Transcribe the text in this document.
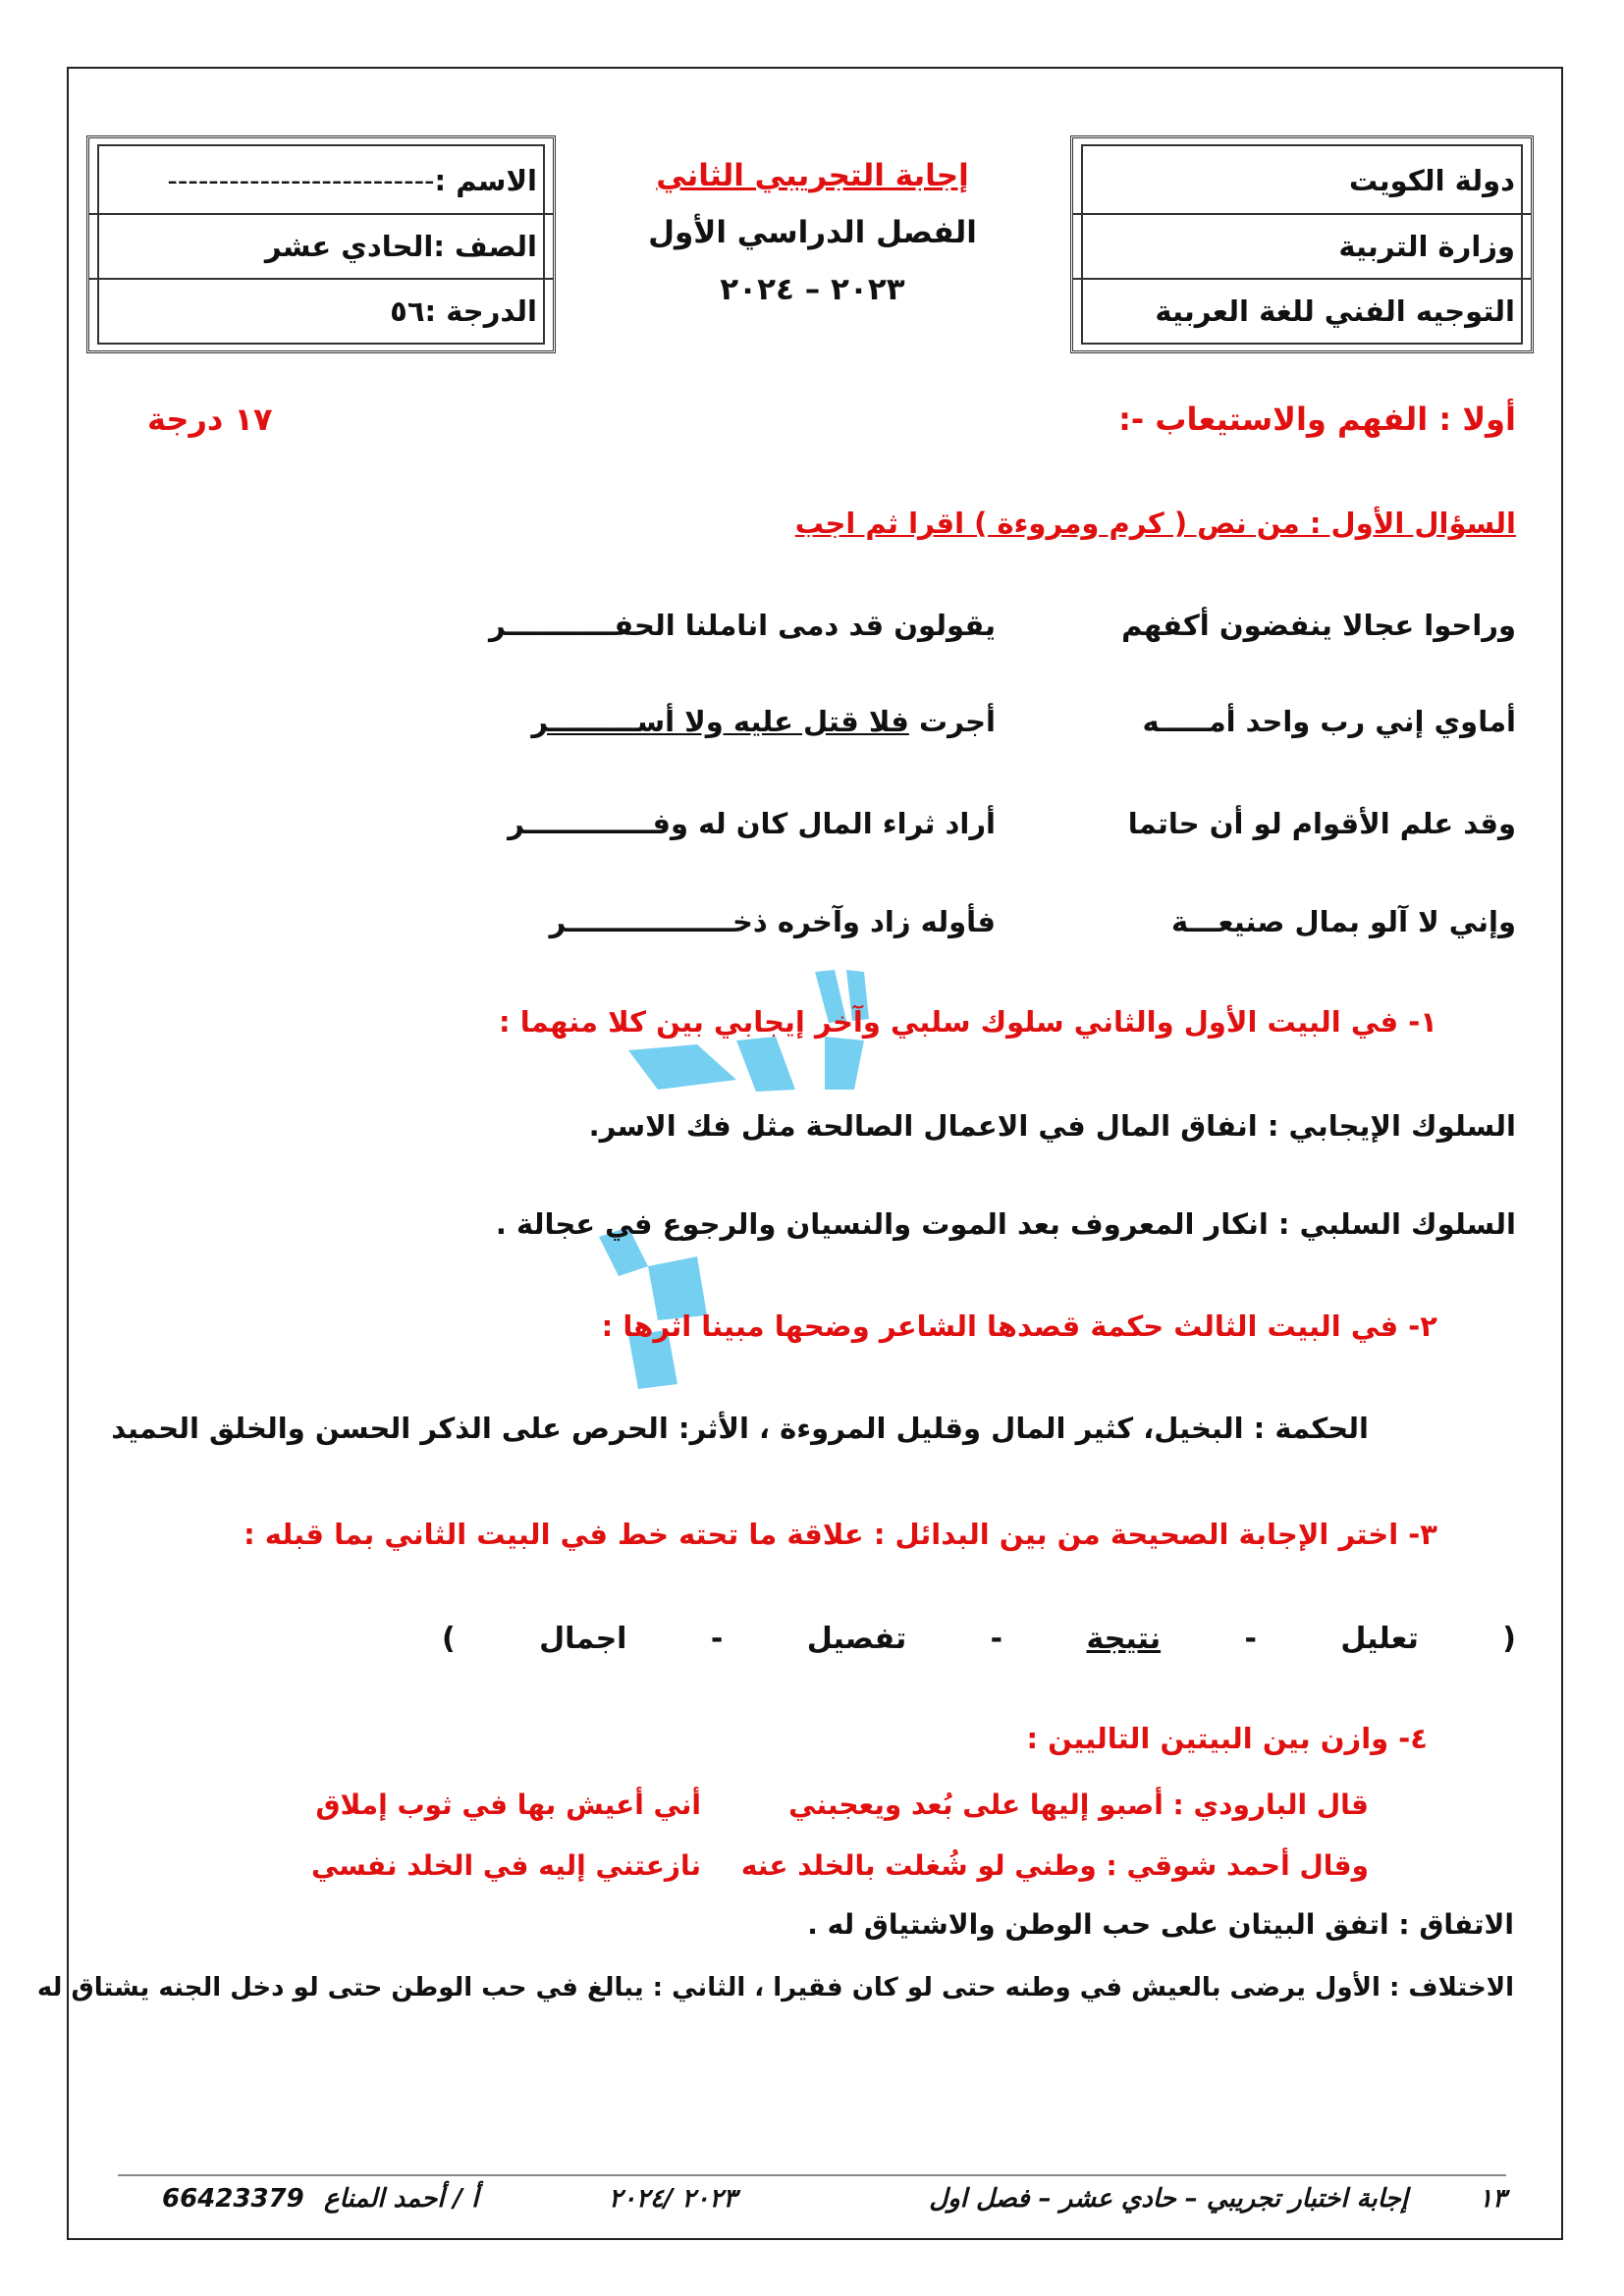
دولة الكويت
وزارة التربية
التوجيه الفني للغة العربية
إجابة التجريبي الثاني
الفصل الدراسي الأول
٢٠٢٣ – ٢٠٢٤
الاسم :
--------------------------
الصف :
الحادي عشر
الدرجة :
٥٦
أولا : الفهم والاستيعاب -:
١٧ درجة
السؤال الأول : من نص ( كرم ومروءة ) اقرا ثم اجب
وراحوا عجالا ينفضون أكفهم
يقولون قد دمى اناملنا الحفـــــــــــر
أماوي إني رب واحد أمـــــه
أجرت فلا قتل عليه ولا أســـــــــر
وقد علم الأقوام لو أن حاتما
أراد ثراء المال كان له وفـــــــــــــر
وإني لا آلو بمال صنيعـــة
فأوله زاد وآخره ذخـــــــــــــــــر
١- في البيت الأول والثاني سلوك سلبي وآخر إيجابي بين كلا منهما :
السلوك الإيجابي : انفاق المال في الاعمال الصالحة مثل فك الاسر.
السلوك السلبي : انكار المعروف بعد الموت والنسيان والرجوع في عجالة .
٢- في البيت الثالث حكمة قصدها الشاعر وضحها مبينا اثرها :
الحكمة : البخيل، كثير المال وقليل المروءة ، الأثر: الحرص على الذكر الحسن والخلق الحميد
٣- اختر الإجابة الصحيحة من بين البدائل : علاقة ما تحته خط في البيت الثاني بما قبله :
(
تعليل
-
نتيجة
-
تفصيل
-
اجمال
)
٤- وازن بين البيتين التاليين :
قال البارودي : أصبو إليها على بُعد ويعجبني
أني أعيش بها في ثوب إملاق
وقال أحمد شوقي : وطني لو شُغلت بالخلد عنه
نازعتني إليه في الخلد نفسي
الاتفاق : اتفق البيتان على حب الوطن والاشتياق له .
الاختلاف : الأول يرضى بالعيش في وطنه حتى لو كان فقيرا ، الثاني : يبالغ في حب الوطن حتى لو دخل الجنه يشتاق له
١٣
إجابة اختبار تجريبي – حادي عشر – فصل اول
٢٠٢٣ /٢٠٢٤
أ / أحمد المناع
66423379
